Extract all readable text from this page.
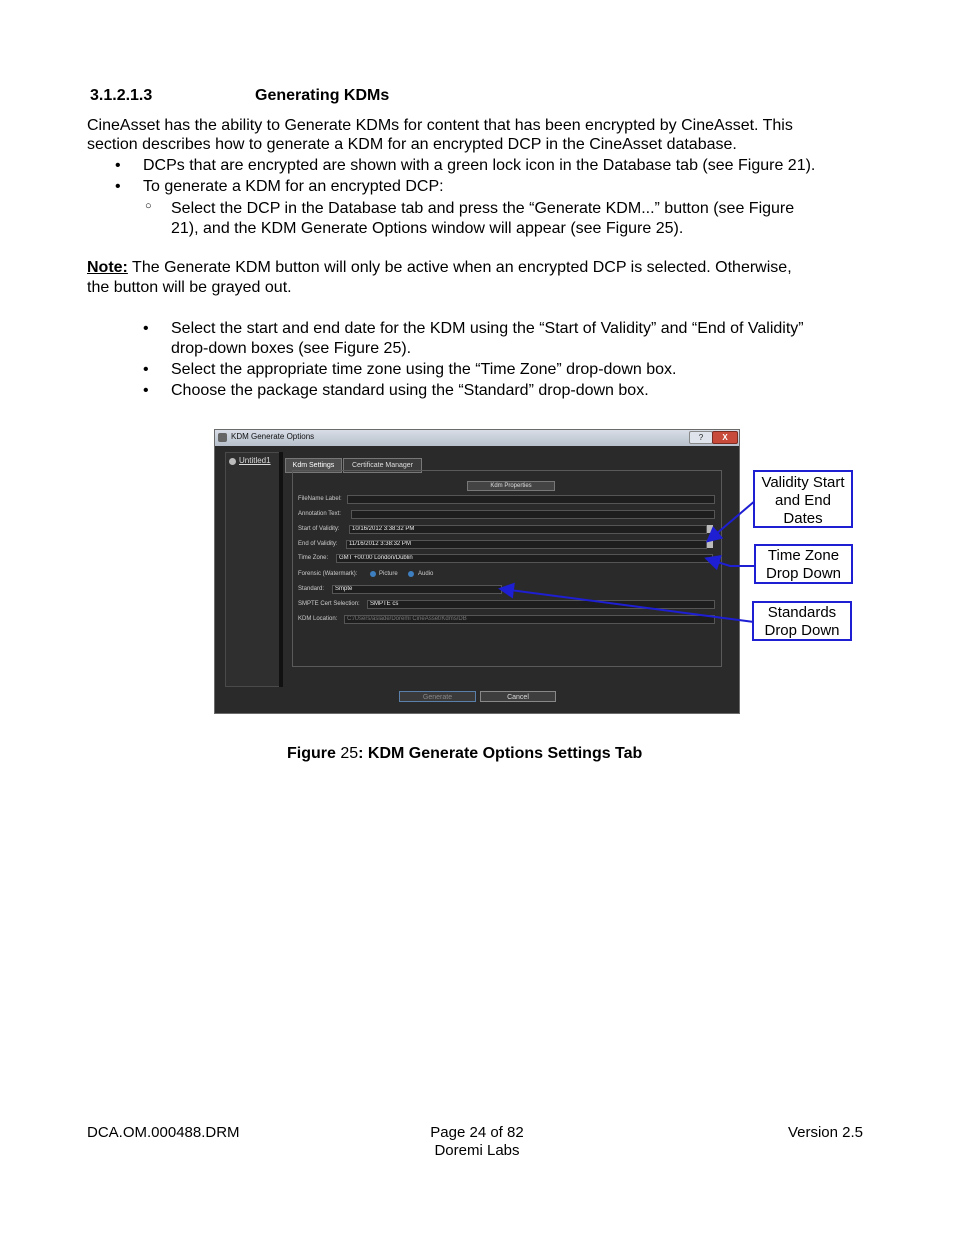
3.1.2.1.3	Generating KDMs
CineAsset has the ability to Generate KDMs for content that has been encrypted by CineAsset. This
section describes how to generate a KDM for an encrypted DCP in the CineAsset database.
• DCPs that are encrypted are shown with a green lock icon in the Database tab (see Figure 21).
• To generate a KDM for an encrypted DCP:
○ Select the DCP in the Database tab and press the “Generate KDM...” button (see Figure
21), and the KDM Generate Options window will appear (see Figure 25).
Note: The Generate KDM button will only be active when an encrypted DCP is selected. Otherwise,
the button will be grayed out.
• Select the start and end date for the KDM using the “Start of Validity” and “End of Validity”
drop-down boxes (see Figure 25).
• Select the appropriate time zone using the “Time Zone” drop-down box.
• Choose the package standard using the “Standard” drop-down box.
KDM Generate Options	?	X
Untitled1
Kdm Settings	Certificate Manager
Kdm Properties
FileName Label:
Annotation Text:
Start of Validity:	10/16/2012 3:38:32 PM
End of Validity:	11/16/2012 3:38:32 PM
Time Zone:	GMT +00:00 London/Dublin
Forensic (Watermark):	Picture	Audio
Standard:	Smpte
SMPTE Cert Selection:	SMPTE cs
KDM Location:	C:/Users/aslade/Doremi CineAsset/Kdms/DB
Generate	Cancel
Validity Start
and End
Dates
Time Zone
Drop Down
Standards
Drop Down
Figure 25: KDM Generate Options Settings Tab
DCA.OM.000488.DRM	Page 24 of 82
Doremi Labs
Version 2.5
